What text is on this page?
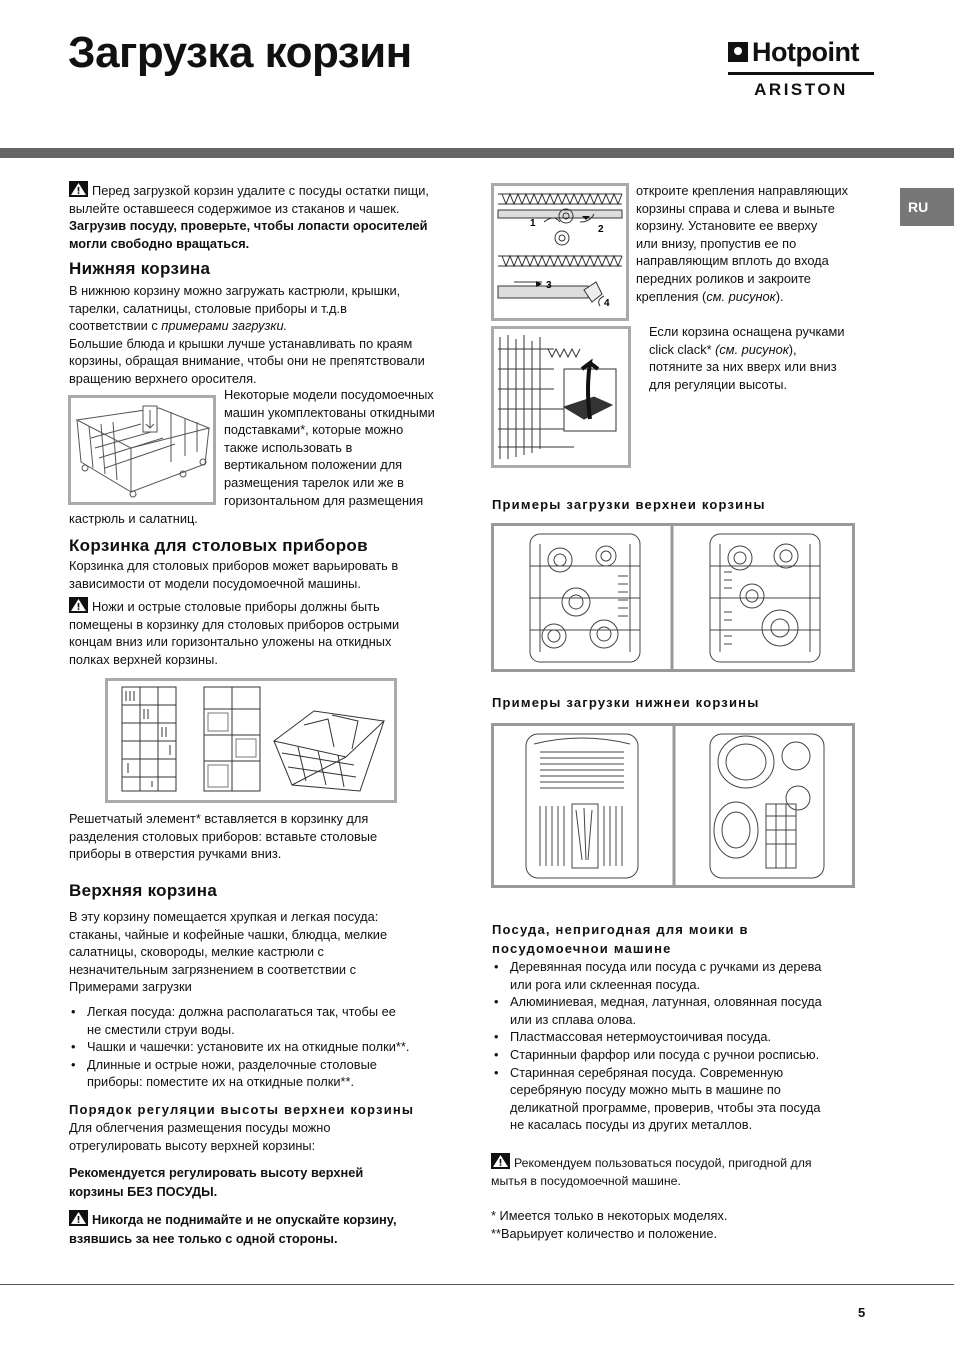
Загрузка корзин	Hotpoint
ARISTON
RU

Перед загрузкой корзин удалите с посуды остатки пищи, вылейте оставшееся содержимое из стаканов и чашек.

Загрузив посуду, проверьте, чтобы лопасти оросителей могли свободно вращаться.

Нижняя корзина

В нижнюю корзину можно загружать кастрюли, крышки,

тарелки, салатницы, столовые приборы и т.д.в

соответствии с примерами загрузки.

Большие блюда и крышки лучше устанавливать по краям

корзины, обращая внимание, чтобы они не препятствовали

вращению верхнего оросителя.

Некоторые модели посудомоечных

машин укомплектованы откидными

подставками*, которые можно

также использовать в

вертикальном положении для

размещения тарелок или же в

горизонтальном для размещения

кастрюль и салатниц.

Корзинка для столовых приборов

Корзинка для столовых приборов может варьировать в

зависимости от модели посудомоечной машины.

Ножи и острые столовые приборы должны быть

помещены в корзинку для столовых приборов острыми

концам вниз или горизонтально уложены на откидных

полках верхней корзины.

Решетчатый элемент* вставляется в корзинку для

разделения столовых приборов: вставьте столовые

приборы в отверстия ручками вниз.

Верхняя корзина

В эту корзину помещается хрупкая и легкая посуда:

стаканы, чайные и кофейные чашки, блюдца, мелкие

салатницы, сковороды, мелкие кастрюли с

незначительным загрязнением в соответствии с

Примерами загрузки

• Легкая посуда: должна располагаться так, чтобы ее
не сместили струи воды.
• Чашки и чашечки: установите их на откидные полки**.
• Длинные и острые ножи, разделочные столовые
приборы: поместите их на откидные полки**.

Порядок регуляции высоты верхнеи корзины

Для облегчения размещения посуды можно

отрегулировать высоту верхней корзины:

Рекомендуется регулировать высоту верхней

корзины БЕЗ ПОСУДЫ.

Никогда не поднимайте и не опускайте корзину,

взявшись за нее только с одной стороны.

1
2
3
4

откроите крепления направляющих

корзины справа и слева и выньте

корзину. Установите ее вверху

или внизу, пропустив ее по

направляющим вплоть до входа

передних роликов и закроите

крепления (см. рисунок).

Если корзина оснащена ручками

click clack* (см. рисунок),

потяните за них вверх или вниз

для регуляции высоты.

Примеры загрузки верхнеи корзины

Примеры загрузки нижнеи корзины

Посуда, непригодная для моики в

посудомоечнои машине

• Деревянная посуда или посуда с ручками из дерева
или рога или склеенная посуда.
• Алюминиевая, медная, латунная, оловянная посуда
или из сплава олова.
• Пластмассовая нетермоустоичивая посуда.
• Старинныи фарфор или посуда с ручнои росписью.
• Старинная серебряная посуда. Современную
серебряную посуду можно мыть в машине по
деликатной программе, проверив, чтобы эта посуда
не касалась посуды из других металлов.

Рекомендуем пользоваться посудой, пригодной для

мытья в посудомоечной машине.

* Имеется только в некоторых моделях.

**Варьирует количество и положение.

5
